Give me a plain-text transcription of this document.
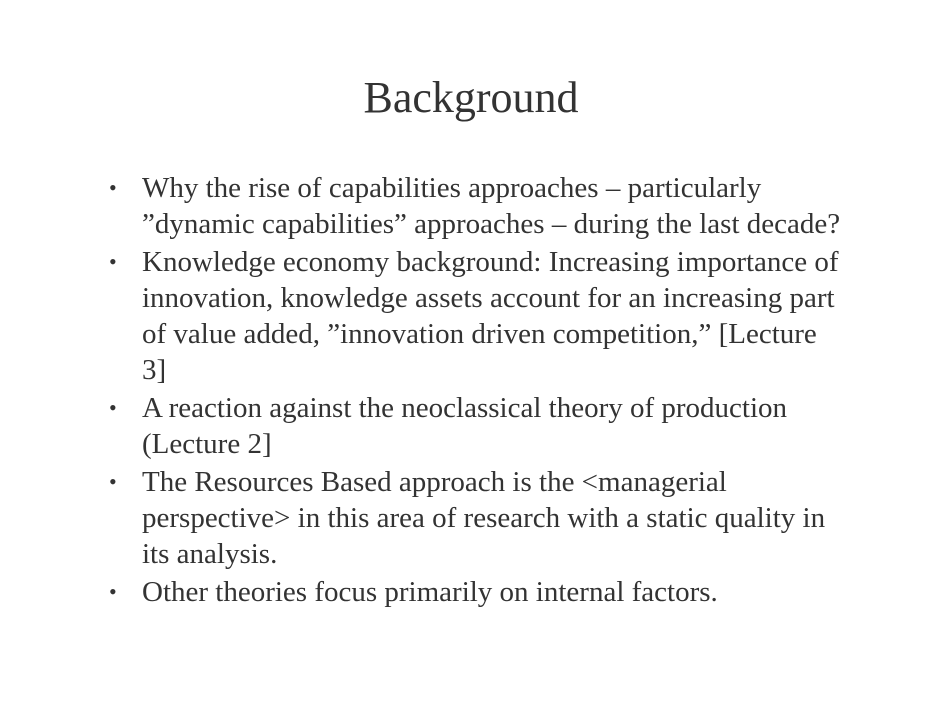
Background
• Why the rise of capabilities approaches – particularly ”dynamic capabilities” approaches – during the last decade?
• Knowledge economy background: Increasing importance of innovation, knowledge assets account for an increasing part of value added, ”innovation driven competition,” [Lecture 3]
• A reaction against the neoclassical theory of production (Lecture 2]
• The Resources Based approach is the <managerial perspective> in this area of research with a static quality in its analysis.
• Other theories focus primarily on internal factors.
